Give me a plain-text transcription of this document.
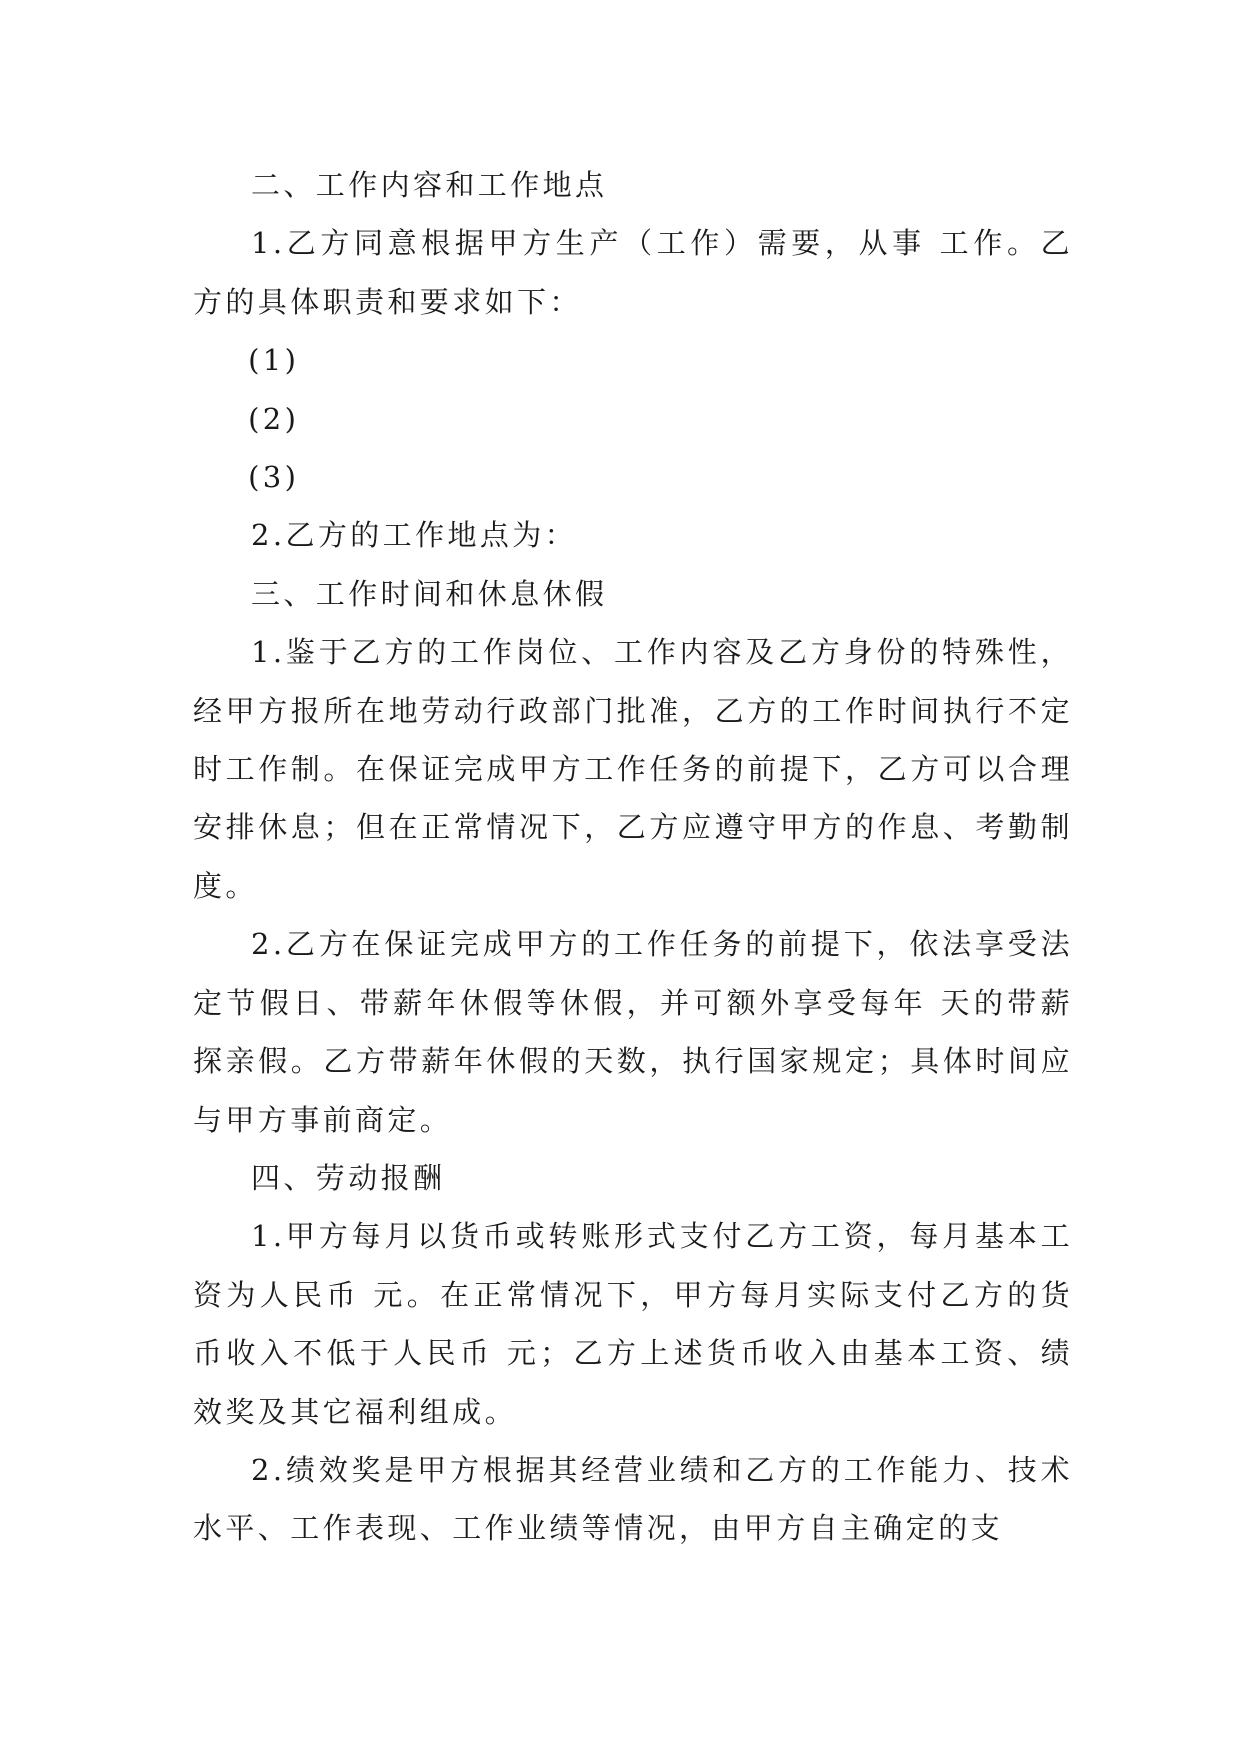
二、工作内容和工作地点

1.乙方同意根据甲方生产（工作）需要，从事 工作。乙方的具体职责和要求如下：

(1)

(2)

(3)

2.乙方的工作地点为：

三、工作时间和休息休假

1.鉴于乙方的工作岗位、工作内容及乙方身份的特殊性，经甲方报所在地劳动行政部门批准，乙方的工作时间执行不定时工作制。在保证完成甲方工作任务的前提下，乙方可以合理安排休息；但在正常情况下，乙方应遵守甲方的作息、考勤制度。

2.乙方在保证完成甲方的工作任务的前提下，依法享受法定节假日、带薪年休假等休假，并可额外享受每年 天的带薪探亲假。乙方带薪年休假的天数，执行国家规定；具体时间应与甲方事前商定。

四、劳动报酬

1.甲方每月以货币或转账形式支付乙方工资，每月基本工资为人民币 元。在正常情况下，甲方每月实际支付乙方的货币收入不低于人民币 元；乙方上述货币收入由基本工资、绩效奖及其它福利组成。

2.绩效奖是甲方根据其经营业绩和乙方的工作能力、技术水平、工作表现、工作业绩等情况，由甲方自主确定的支
